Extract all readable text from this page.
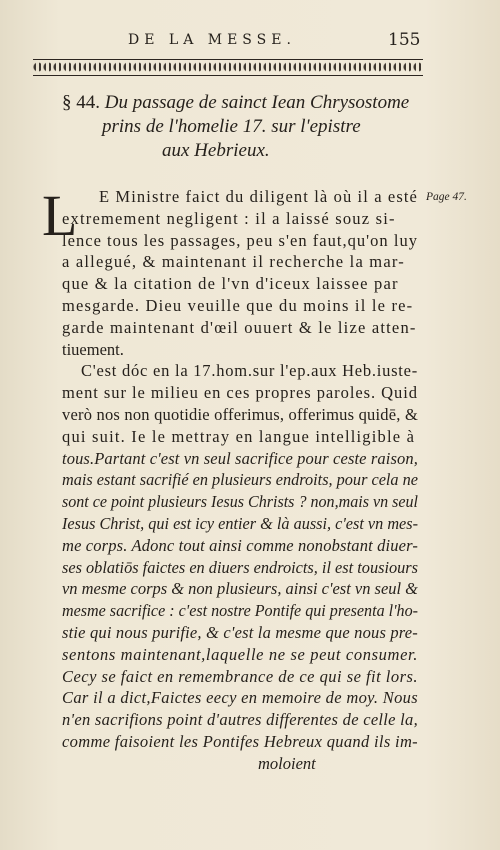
DE LA MESSE.	155
§ 44. Du passage de sainct Iean Chrysostome
prins de l'homelie 17. sur l'epistre
aux Hebrieux.
Page 47.
L E Ministre faict du diligent là où il a esté
extremement negligent : il a laissé souz si-
lence tous les passages, peu s'en faut,qu'on luy
a allegué, & maintenant il recherche la mar-
que & la citation de l'vn d'iceux laissee par
mesgarde. Dieu veuille que du moins il le re-
garde maintenant d'œil ouuert & le lize atten-
tiuement.
C'est dóc en la 17.hom.sur l'ep.aux Heb.iuste-
ment sur le milieu en ces propres paroles. Quid
verò nos non quotidie offerimus, offerimus quidē, &
qui suit. Ie le mettray en langue intelligible à
tous.Partant c'est vn seul sacrifice pour ceste raison,
mais estant sacrifié en plusieurs endroits, pour cela ne
sont ce point plusieurs Iesus Christs ? non,mais vn seul
Iesus Christ, qui est icy entier & là aussi, c'est vn mes-
me corps. Adonc tout ainsi comme nonobstant diuer-
ses oblatiōs faictes en diuers endroicts, il est tousiours
vn mesme corps & non plusieurs, ainsi c'est vn seul &
mesme sacrifice : c'est nostre Pontife qui presenta l'ho-
stie qui nous purifie, & c'est la mesme que nous pre-
sentons maintenant,laquelle ne se peut consumer.
Cecy se faict en remembrance de ce qui se fit lors.
Car il a dict,Faictes eecy en memoire de moy. Nous
n'en sacrifions point d'autres differentes de celle la,
comme faisoient les Pontifes Hebreux quand ils im-
moloient
